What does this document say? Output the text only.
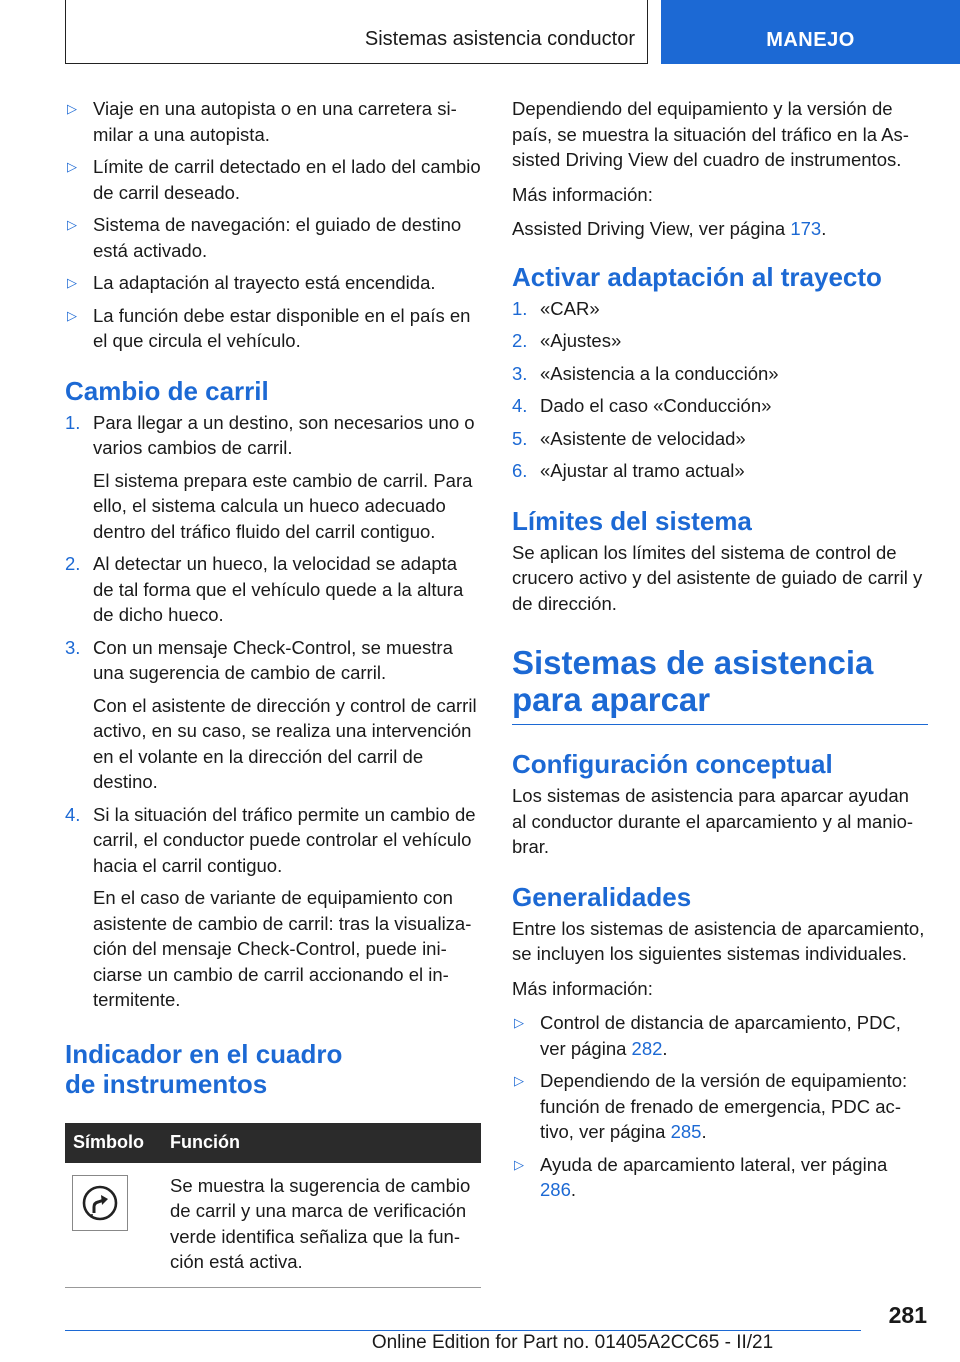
Sistemas asistencia conductor	MANEJO
▷ Viaje en una autopista o en una carretera similar a una autopista.
▷ Límite de carril detectado en el lado del cambio de carril deseado.
▷ Sistema de navegación: el guiado de destino está activado.
▷ La adaptación al trayecto está encendida.
▷ La función debe estar disponible en el país en el que circula el vehículo.
Cambio de carril
1. Para llegar a un destino, son necesarios uno o varios cambios de carril.
El sistema prepara este cambio de carril. Para ello, el sistema calcula un hueco adecuado dentro del tráfico fluido del carril contiguo.
2. Al detectar un hueco, la velocidad se adapta de tal forma que el vehículo quede a la altura de dicho hueco.
3. Con un mensaje Check-Control, se muestra una sugerencia de cambio de carril.
Con el asistente de dirección y control de carril activo, en su caso, se realiza una intervención en el volante en la dirección del carril de destino.
4. Si la situación del tráfico permite un cambio de carril, el conductor puede controlar el vehículo hacia el carril contiguo.
En el caso de variante de equipamiento con asistente de cambio de carril: tras la visualización del mensaje Check-Control, puede iniciarse un cambio de carril accionando el intermitente.
Indicador en el cuadro
de instrumentos
Símbolo	Función

	Se muestra la sugerencia de cambio de carril y una marca de verificación verde identifica señaliza que la función está activa.

Dependiendo del equipamiento y la versión de país, se muestra la situación del tráfico en la Assisted Driving View del cuadro de instrumentos.

Más información:

Assisted Driving View, ver página 173.

Activar adaptación al trayecto
1. «CAR»
2. «Ajustes»
3. «Asistencia a la conducción»
4. Dado el caso «Conducción»
5. «Asistente de velocidad»
6. «Ajustar al tramo actual»
Límites del sistema

Se aplican los límites del sistema de control de crucero activo y del asistente de guiado de carril y de dirección.

Sistemas de asistencia
para aparcar
Configuración conceptual

Los sistemas de asistencia para aparcar ayudan al conductor durante el aparcamiento y al maniobrar.

Generalidades

Entre los sistemas de asistencia de aparcamiento, se incluyen los siguientes sistemas individuales.

Más información:

▷ Control de distancia de aparcamiento, PDC, ver página 282.
▷ Dependiendo de la versión de equipamiento: función de frenado de emergencia, PDC activo, ver página 285.
▷ Ayuda de aparcamiento lateral, ver página 286.
281
Online Edition for Part no. 01405A2CC65 - II/21
